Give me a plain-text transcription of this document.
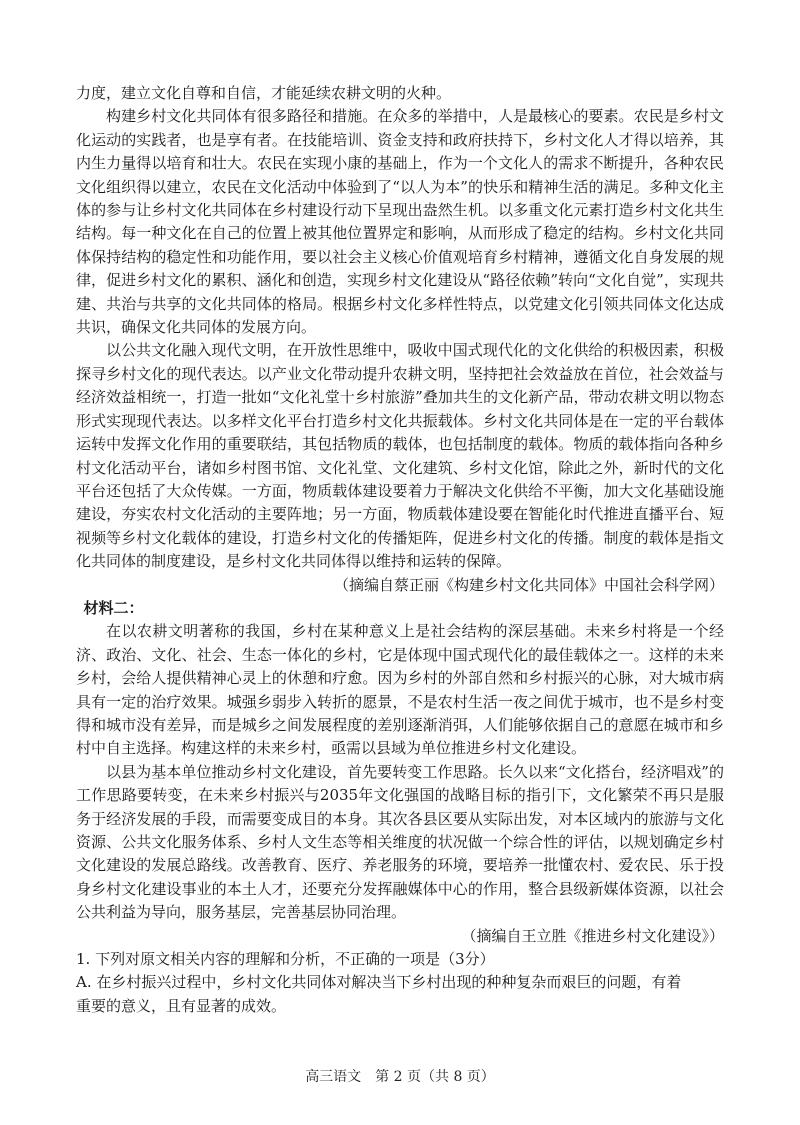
力度，建立文化自尊和自信，才能延续农耕文明的火种。

构建乡村文化共同体有很多路径和措施。在众多的举措中，人是最核心的要素。农民是乡村文化运动的实践者，也是享有者。在技能培训、资金支持和政府扶持下，乡村文化人才得以培养，其内生力量得以培育和壮大。农民在实现小康的基础上，作为一个文化人的需求不断提升，各种农民文化组织得以建立，农民在文化活动中体验到了“以人为本”的快乐和精神生活的满足。多种文化主体的参与让乡村文化共同体在乡村建设行动下呈现出盎然生机。以多重文化元素打造乡村文化共生结构。每一种文化在自己的位置上被其他位置界定和影响，从而形成了稳定的结构。乡村文化共同体保持结构的稳定性和功能作用，要以社会主义核心价值观培育乡村精神，遵循文化自身发展的规律，促进乡村文化的累积、涵化和创造，实现乡村文化建设从“路径依赖”转向“文化自觉”，实现共建、共治与共享的文化共同体的格局。根据乡村文化多样性特点，以党建文化引领共同体文化达成共识，确保文化共同体的发展方向。

以公共文化融入现代文明，在开放性思维中，吸收中国式现代化的文化供给的积极因素，积极探寻乡村文化的现代表达。以产业文化带动提升农耕文明，坚持把社会效益放在首位，社会效益与经济效益相统一，打造一批如“文化礼堂十乡村旅游”叠加共生的文化新产品，带动农耕文明以物态形式实现现代表达。以多样文化平台打造乡村文化共振载体。乡村文化共同体是在一定的平台载体运转中发挥文化作用的重要联结，其包括物质的载体，也包括制度的载体。物质的载体指向各种乡村文化活动平台，诸如乡村图书馆、文化礼堂、文化建筑、乡村文化馆，除此之外，新时代的文化平台还包括了大众传媒。一方面，物质载体建设要着力于解决文化供给不平衡，加大文化基础设施建设，夯实农村文化活动的主要阵地；另一方面，物质载体建设要在智能化时代推进直播平台、短视频等乡村文化载体的建设，打造乡村文化的传播矩阵，促进乡村文化的传播。制度的载体是指文化共同体的制度建设，是乡村文化共同体得以维持和运转的保障。

（摘编自蔡正丽《构建乡村文化共同体》中国社会科学网）

材料二：

在以农耕文明著称的我国，乡村在某种意义上是社会结构的深层基础。未来乡村将是一个经济、政治、文化、社会、生态一体化的乡村，它是体现中国式现代化的最佳载体之一。这样的未来乡村，会给人提供精神心灵上的休憩和疗愈。因为乡村的外部自然和乡村振兴的心脉，对大城市病具有一定的治疗效果。城强乡弱步入转折的愿景，不是农村生活一夜之间优于城市，也不是乡村变得和城市没有差异，而是城乡之间发展程度的差别逐渐消弭，人们能够依据自己的意愿在城市和乡村中自主选择。构建这样的未来乡村，亟需以县域为单位推进乡村文化建设。

以县为基本单位推动乡村文化建设，首先要转变工作思路。长久以来“文化搭台，经济唱戏”的工作思路要转变，在未来乡村振兴与2035年文化强国的战略目标的指引下，文化繁荣不再只是服务于经济发展的手段，而需要变成目的本身。其次各县区要从实际出发，对本区域内的旅游与文化资源、公共文化服务体系、乡村人文生态等相关维度的状况做一个综合性的评估，以规划确定乡村文化建设的发展总路线。改善教育、医疗、养老服务的环境，要培养一批懂农村、爱农民、乐于投身乡村文化建设事业的本土人才，还要充分发挥融媒体中心的作用，整合县级新媒体资源，以社会公共利益为导向，服务基层，完善基层协同治理。

（摘编自王立胜《推进乡村文化建设》）

1. 下列对原文相关内容的理解和分析，不正确的一项是（3分）

A. 在乡村振兴过程中，乡村文化共同体对解决当下乡村出现的种种复杂而艰巨的问题，有着

重要的意义，且有显著的成效。

高三语文　第 2 页（共 8 页）
